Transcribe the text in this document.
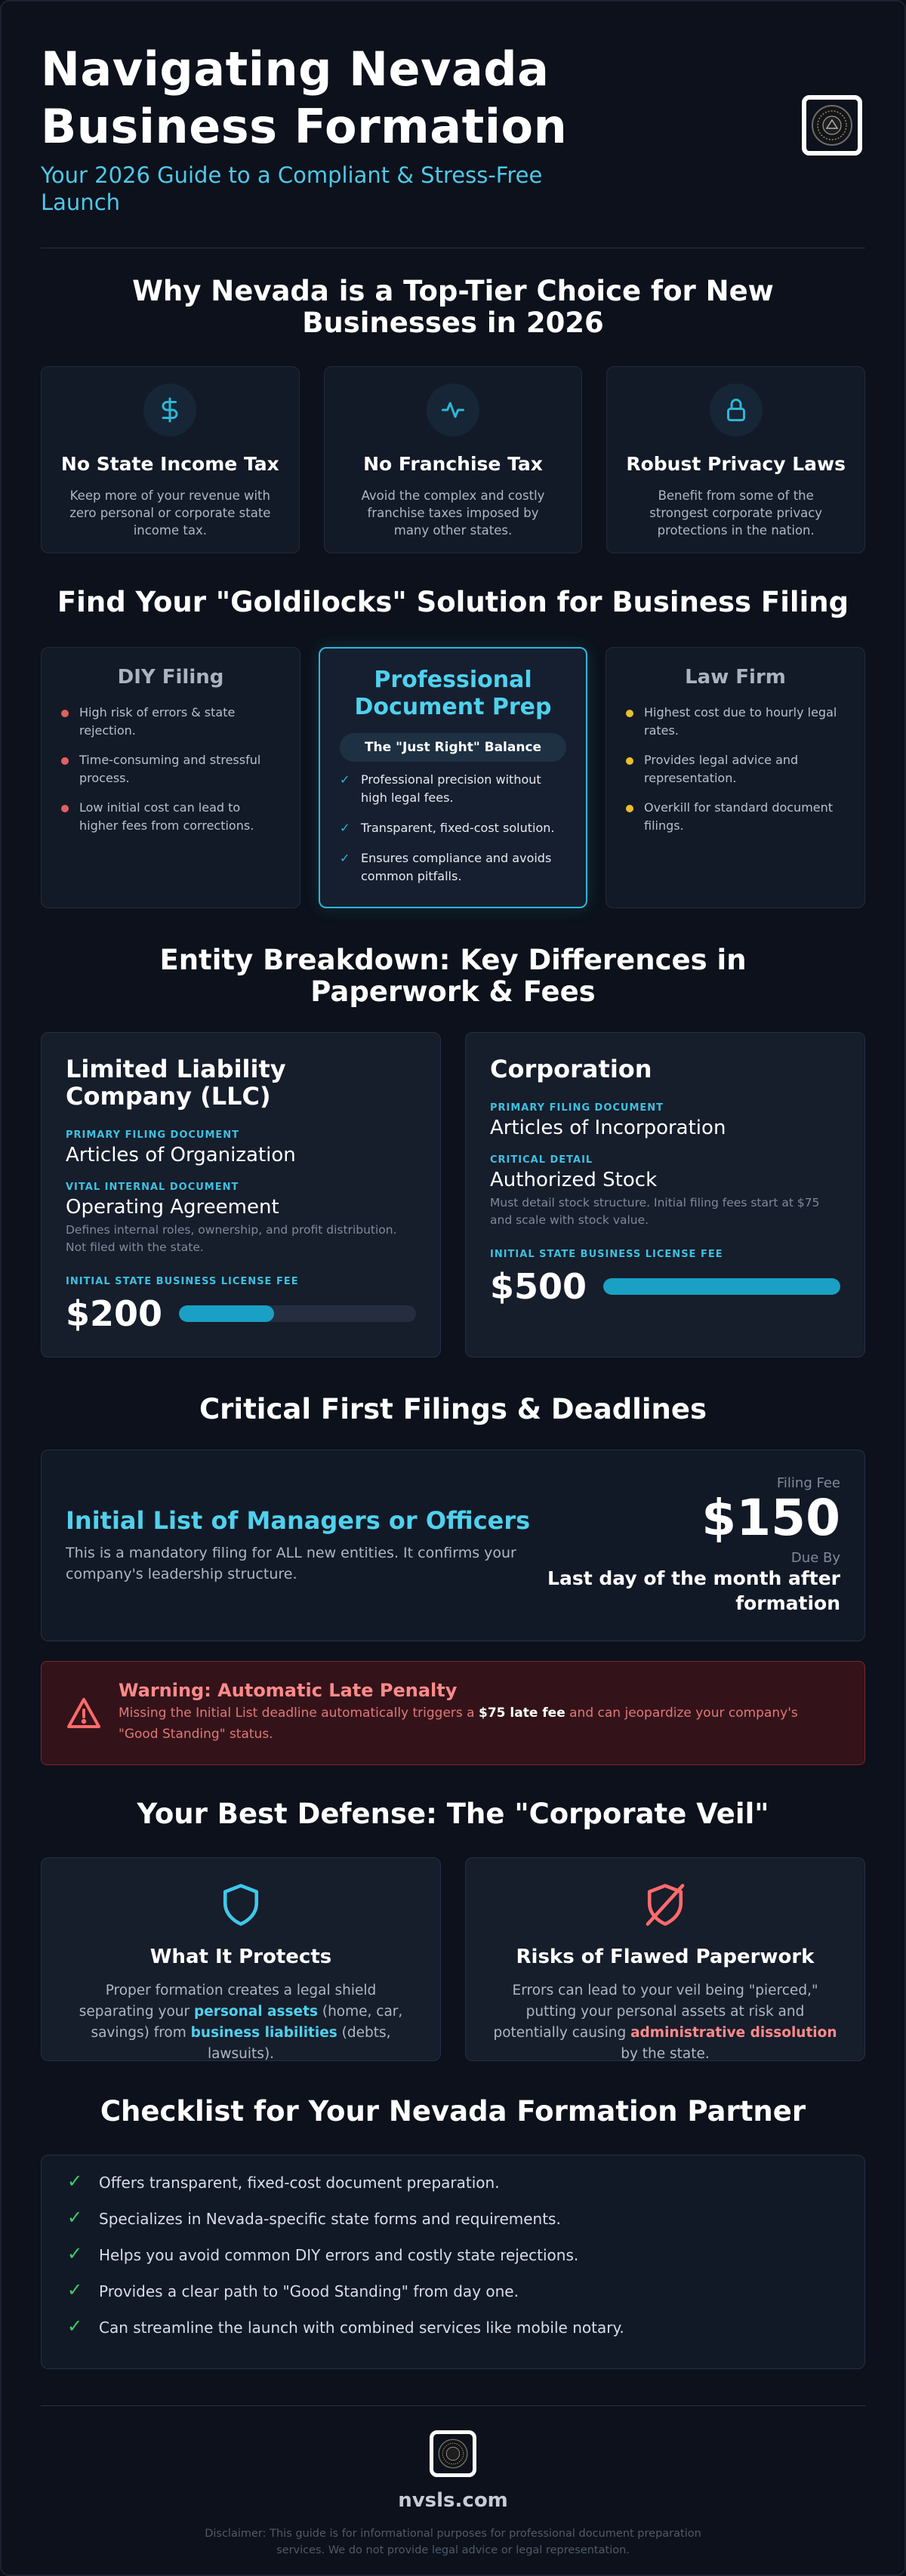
Navigating Nevada
Business Formation
Your 2026 Guide to a Compliant & Stress-Free Launch
Why Nevada is a Top-Tier Choice for New Businesses in 2026
No State Income Tax

Keep more of your revenue with zero personal or corporate state income tax.

No Franchise Tax

Avoid the complex and costly franchise taxes imposed by many other states.

Robust Privacy Laws

Benefit from some of the strongest corporate privacy protections in the nation.

Find Your "Goldilocks" Solution for Business Filing
DIY Filing
High risk of errors & state rejection.
Time-consuming and stressful process.
Low initial cost can lead to higher fees from corrections.
Professional Document Prep
The "Just Right" Balance
✓ Professional precision without high legal fees.
✓ Transparent, fixed-cost solution.
✓ Ensures compliance and avoids common pitfalls.
Law Firm
Highest cost due to hourly legal rates.
Provides legal advice and representation.
Overkill for standard document filings.
Entity Breakdown: Key Differences in Paperwork & Fees
Limited Liability Company (LLC)
PRIMARY FILING DOCUMENT
Articles of Organization
VITAL INTERNAL DOCUMENT
Operating Agreement
Defines internal roles, ownership, and profit distribution. Not filed with the state.
INITIAL STATE BUSINESS LICENSE FEE
$200
Corporation
PRIMARY FILING DOCUMENT
Articles of Incorporation
CRITICAL DETAIL
Authorized Stock
Must detail stock structure. Initial filing fees start at $75 and scale with stock value.
INITIAL STATE BUSINESS LICENSE FEE
$500
Critical First Filings & Deadlines
Initial List of Managers or Officers

This is a mandatory filing for ALL new entities. It confirms your company's leadership structure.

Filing Fee
$150
Due By
Last day of the month after formation
Warning: Automatic Late Penalty

Missing the Initial List deadline automatically triggers a $75 late fee and can jeopardize your company's "Good Standing" status.

Your Best Defense: The "Corporate Veil"
What It Protects

Proper formation creates a legal shield separating your personal assets (home, car, savings) from business liabilities (debts, lawsuits).

Risks of Flawed Paperwork

Errors can lead to your veil being "pierced," putting your personal assets at risk and potentially causing administrative dissolution by the state.

Checklist for Your Nevada Formation Partner
✓ Offers transparent, fixed-cost document preparation.
✓ Specializes in Nevada-specific state forms and requirements.
✓ Helps you avoid common DIY errors and costly state rejections.
✓ Provides a clear path to "Good Standing" from day one.
✓ Can streamline the launch with combined services like mobile notary.
nvsls.com
Disclaimer: This guide is for informational purposes for professional document preparation services. We do not provide legal advice or legal representation.
